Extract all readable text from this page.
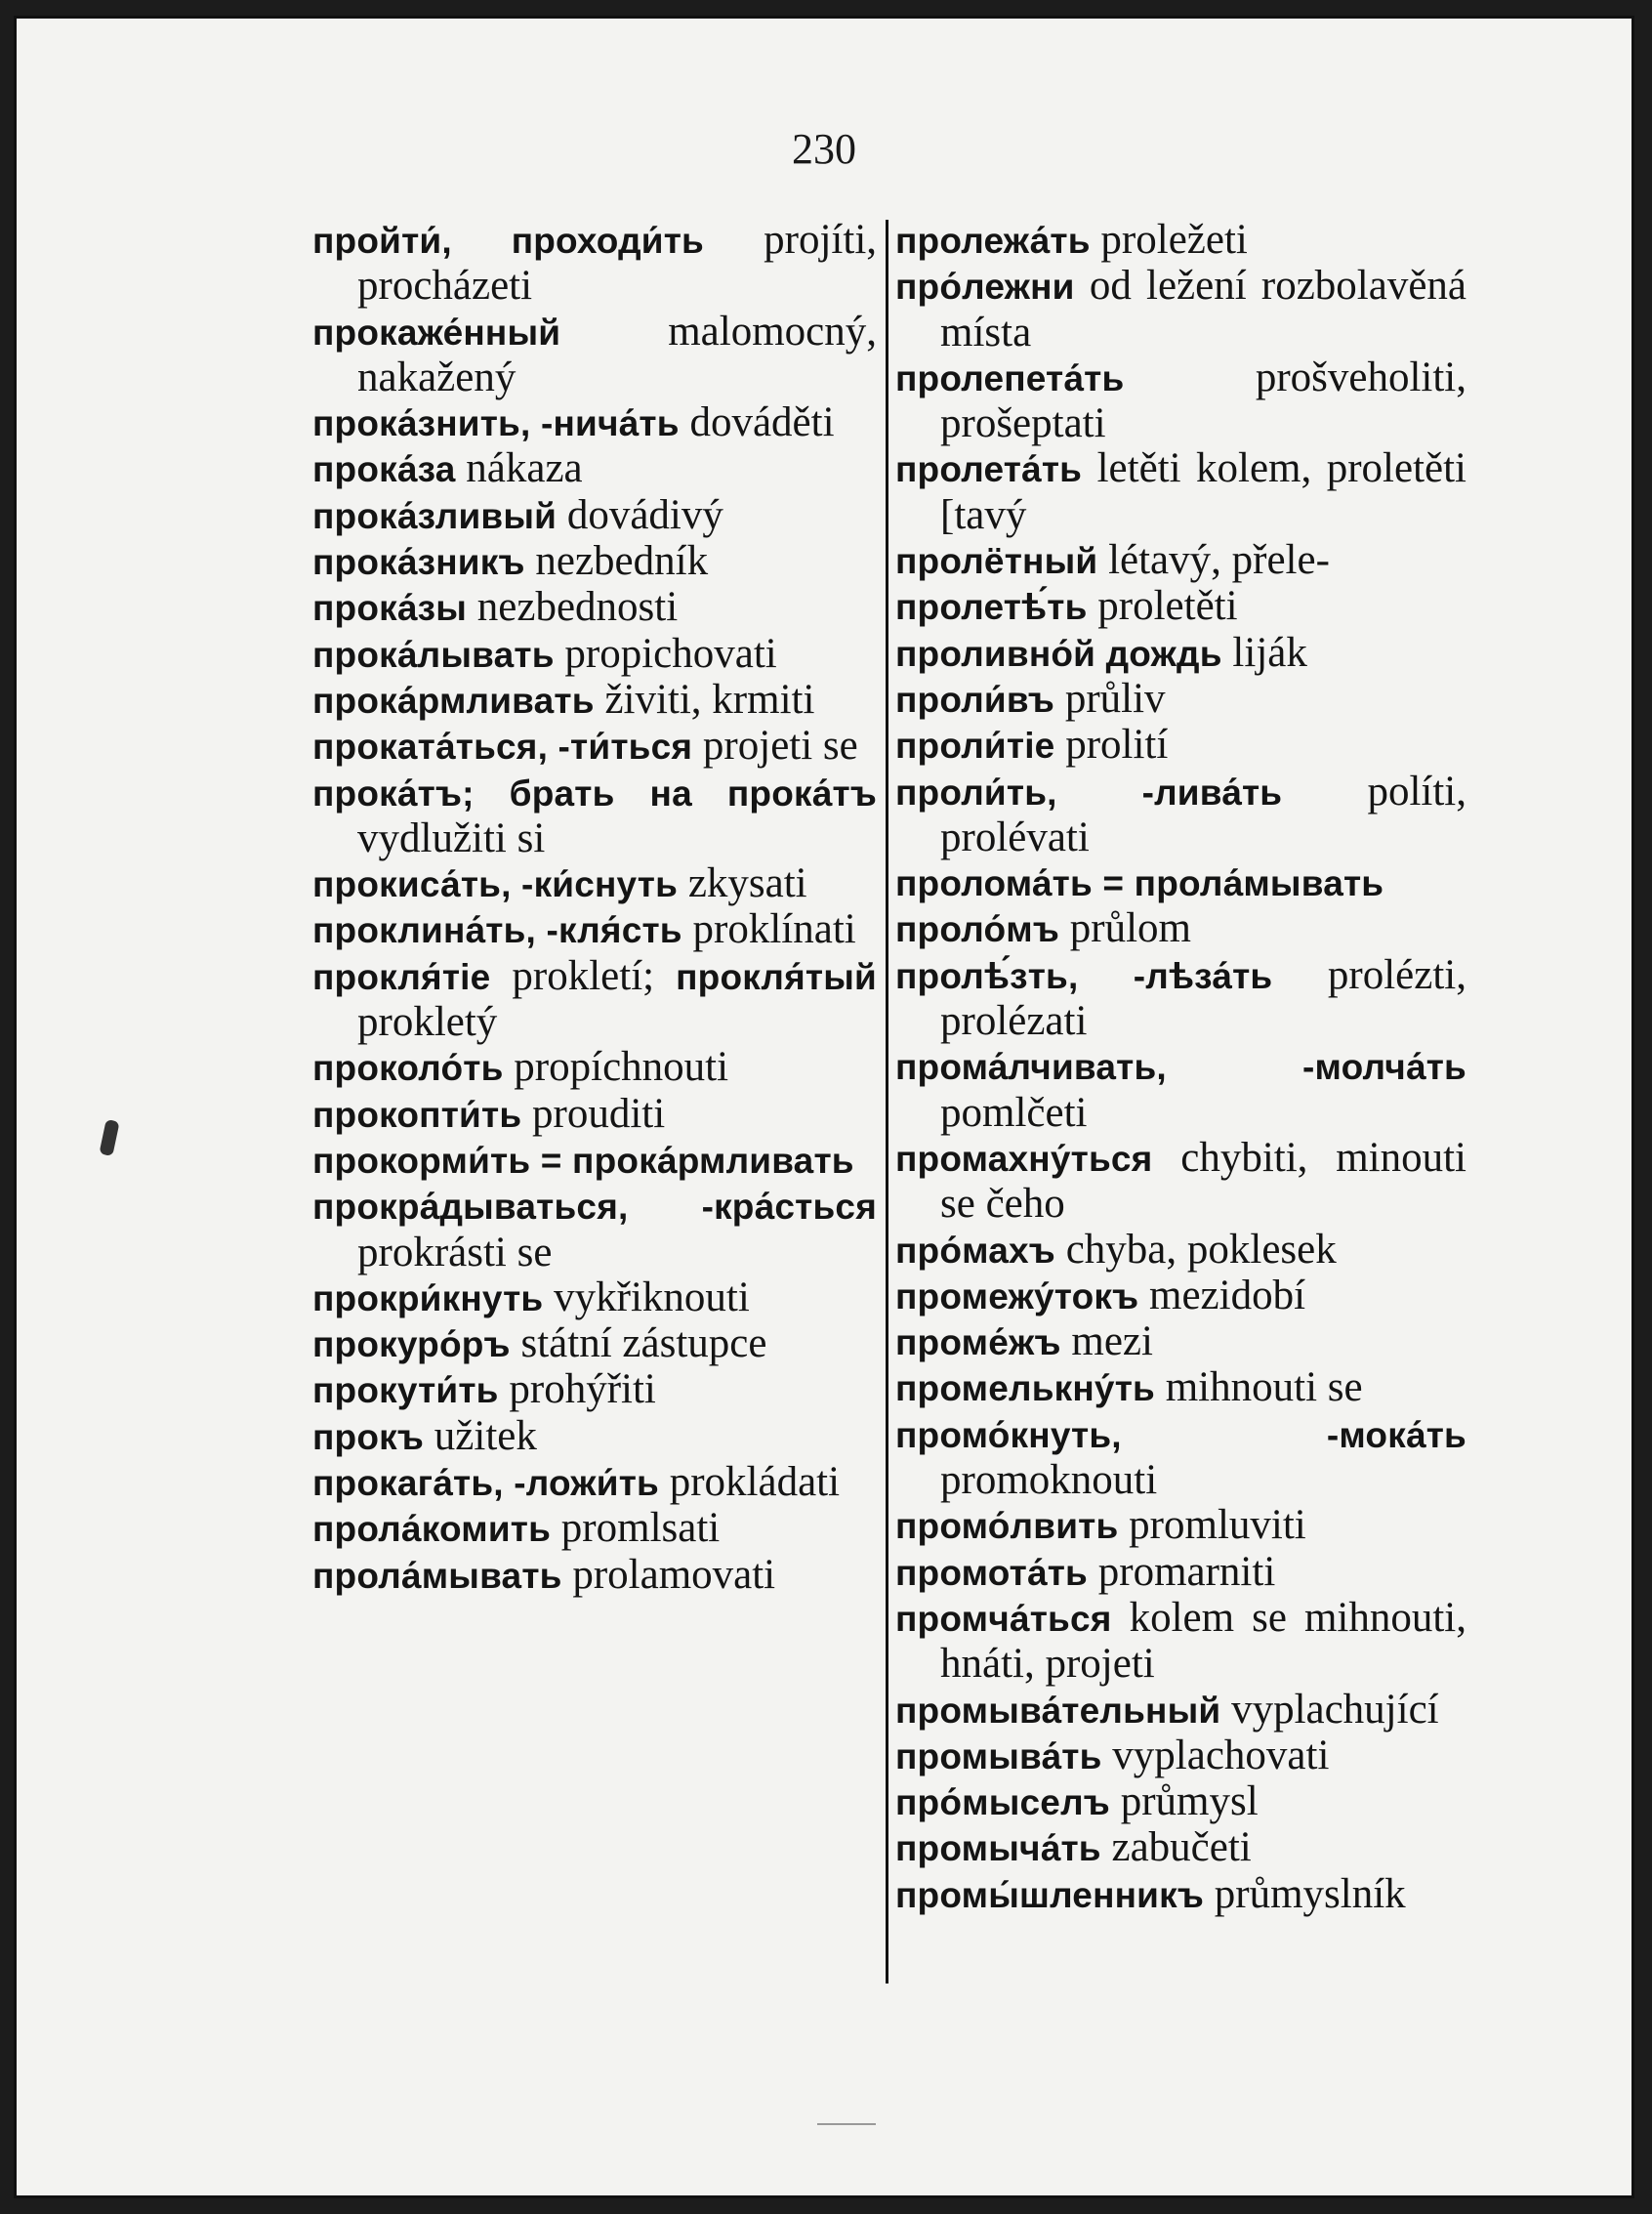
230

пройти́, проходи́ть projíti, procházeti

прокаже́нный	malomocný, nakažený

прока́знить, -нича́ть dováděti

прока́за nákaza

прока́зливый dovádivý

прока́зникъ nezbedník

прока́зы nezbednosti

прока́лывать propichovati

прока́рмливать živiti, krmiti

проката́ться, -ти́ться projeti se

прока́тъ; брать на прока́тъ vydlužiti si

прокиса́ть, -ки́снуть zkysati

проклина́ть, -кля́сть proklínati

прокля́тіе prokletí; прокля́тый prokletý

проколо́ть propíchnouti

прокопти́ть prouditi

прокорми́ть = прока́рмливать

прокра́дываться, -кра́сться prokrásti se

прокри́кнуть vykřiknouti

прокуро́ръ státní zástupce

прокути́ть prohýřiti

прокъ užitek

прокага́ть, -ложи́ть prokládati

прола́комить promlsati

прола́мывать prolamovati

пролежа́ть proležeti

про́лежни od ležení rozbolavěná místa

пролепета́ть	prošveholiti, prošeptati

пролета́ть letěti kolem, proletěti [tavý

пролётный létavý, přele-

пролетѣ́ть proletěti

проливно́й дождь liják

проли́въ průliv

проли́тіе prolití

проли́ть, -лива́ть políti, prolévati

пролома́ть = прола́мывать

проло́мъ průlom

пролѣ́зть, -лѣза́ть prolézti, prolézati

прома́лчивать, -молча́ть pomlčeti

промахну́ться chybiti, minouti se čeho

про́махъ chyba, poklesek

промежу́токъ mezidobí

проме́жъ mezi

промелькну́ть mihnouti se

промо́кнуть, -мока́ть promoknouti

промо́лвить promluviti

промота́ть promarniti

промча́ться kolem se mihnouti, hnáti, projeti

промыва́тельный vyplachující

промыва́ть vyplachovati

про́мыселъ průmysl

промыча́ть zabučeti

промы́шленникъ průmyslník
